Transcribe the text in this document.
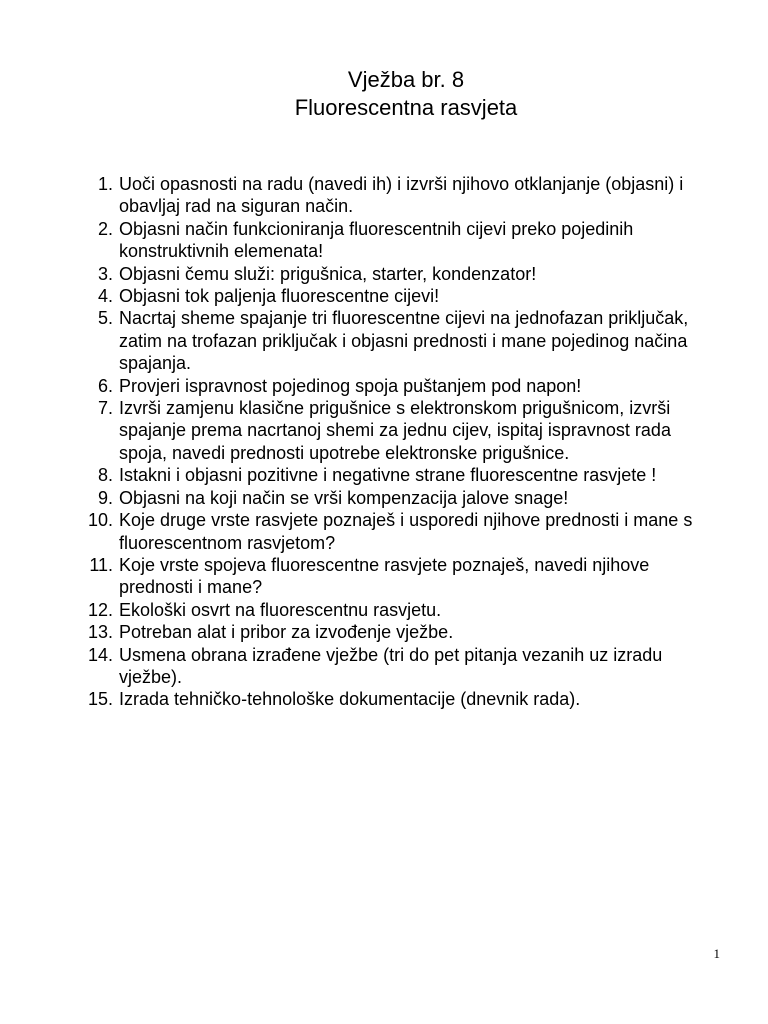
Vježba br. 8
Fluorescentna rasvjeta
1. Uoči opasnosti na radu (navedi ih) i izvrši njihovo otklanjanje (objasni) i obavljaj rad na siguran način.
2. Objasni način funkcioniranja fluorescentnih cijevi preko pojedinih konstruktivnih elemenata!
3. Objasni čemu služi: prigušnica, starter, kondenzator!
4. Objasni tok paljenja fluorescentne cijevi!
5. Nacrtaj sheme spajanje tri fluorescentne cijevi na jednofazan priključak, zatim na trofazan priključak i objasni prednosti i mane pojedinog načina spajanja.
6. Provjeri ispravnost pojedinog spoja puštanjem pod napon!
7. Izvrši zamjenu klasične prigušnice s elektronskom prigušnicom, izvrši spajanje prema nacrtanoj shemi za jednu cijev, ispitaj ispravnost rada spoja, navedi prednosti upotrebe elektronske prigušnice.
8. Istakni i objasni pozitivne i negativne strane fluorescentne rasvjete !
9. Objasni na koji način se vrši kompenzacija jalove snage!
10. Koje druge vrste rasvjete poznaješ i usporedi njihove prednosti i mane s fluorescentnom rasvjetom?
11. Koje vrste spojeva fluorescentne rasvjete poznaješ, navedi njihove prednosti i mane?
12. Ekološki osvrt na fluorescentnu rasvjetu.
13. Potreban alat i pribor za izvođenje vježbe.
14. Usmena obrana izrađene vježbe (tri do pet pitanja vezanih uz izradu vježbe).
15. Izrada tehničko-tehnološke dokumentacije (dnevnik rada).
1
